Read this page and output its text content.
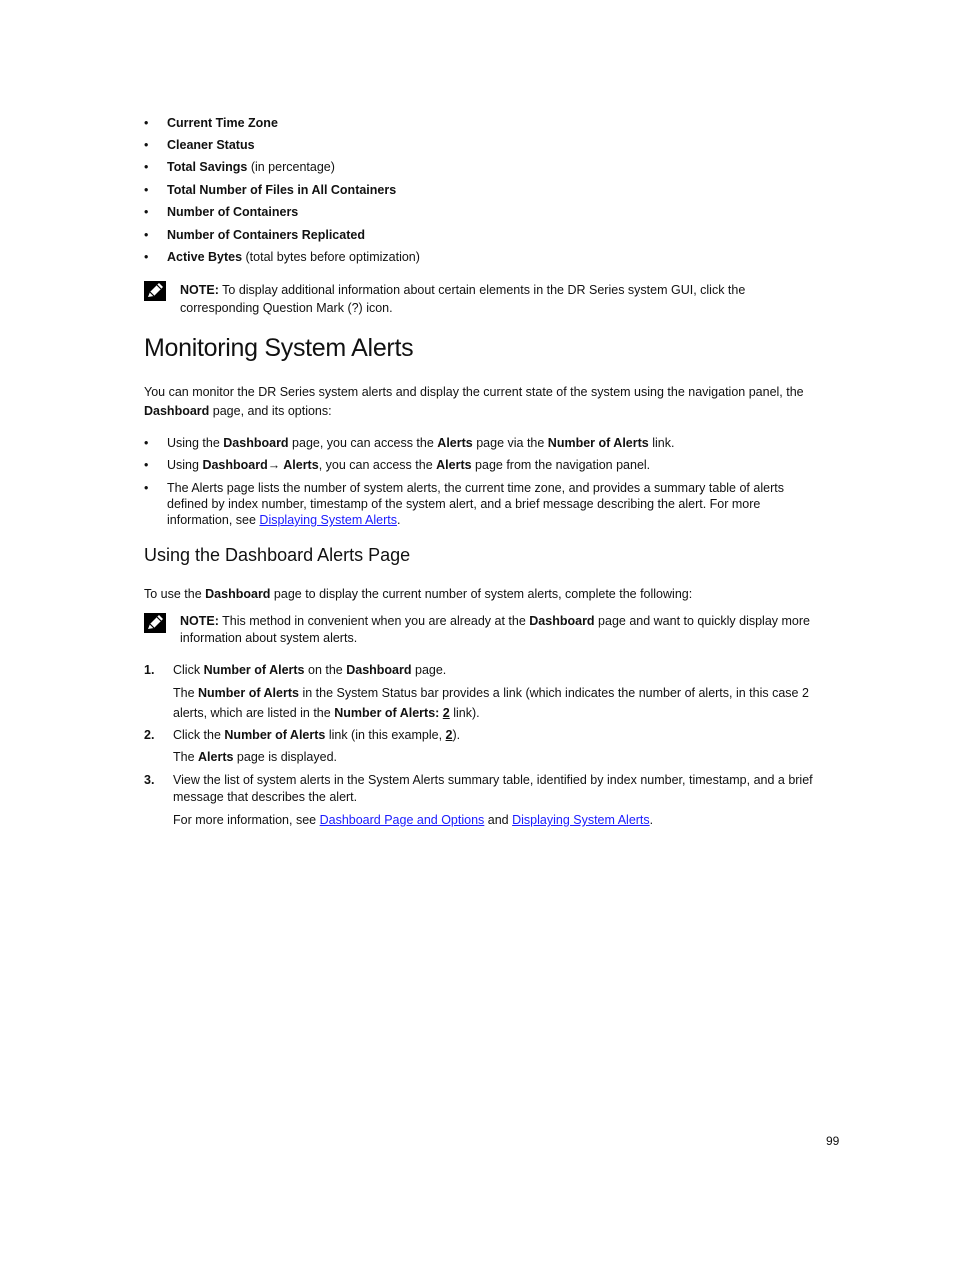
• Current Time Zone
• Cleaner Status
• Total Savings (in percentage)
• Total Number of Files in All Containers
• Number of Containers
• Number of Containers Replicated
• Active Bytes (total bytes before optimization)
NOTE: To display additional information about certain elements in the DR Series system GUI, click the
corresponding Question Mark (?) icon.
Monitoring System Alerts
You can monitor the DR Series system alerts and display the current state of the system using the navigation panel, the
Dashboard page, and its options:
• Using the Dashboard page, you can access the Alerts page via the Number of Alerts link.
• Using Dashboard→ Alerts, you can access the Alerts page from the navigation panel.
• The Alerts page lists the number of system alerts, the current time zone, and provides a summary table of alerts
defined by index number, timestamp of the system alert, and a brief message describing the alert. For more
information, see Displaying System Alerts.
Using the Dashboard Alerts Page
To use the Dashboard page to display the current number of system alerts, complete the following:
NOTE: This method in convenient when you are already at the Dashboard page and want to quickly display more
information about system alerts.
1. Click Number of Alerts on the Dashboard page.
The Number of Alerts in the System Status bar provides a link (which indicates the number of alerts, in this case 2
alerts, which are listed in the Number of Alerts: 2 link).
2. Click the Number of Alerts link (in this example, 2).
The Alerts page is displayed.
3. View the list of system alerts in the System Alerts summary table, identified by index number, timestamp, and a brief
message that describes the alert.
For more information, see Dashboard Page and Options and Displaying System Alerts.
99
